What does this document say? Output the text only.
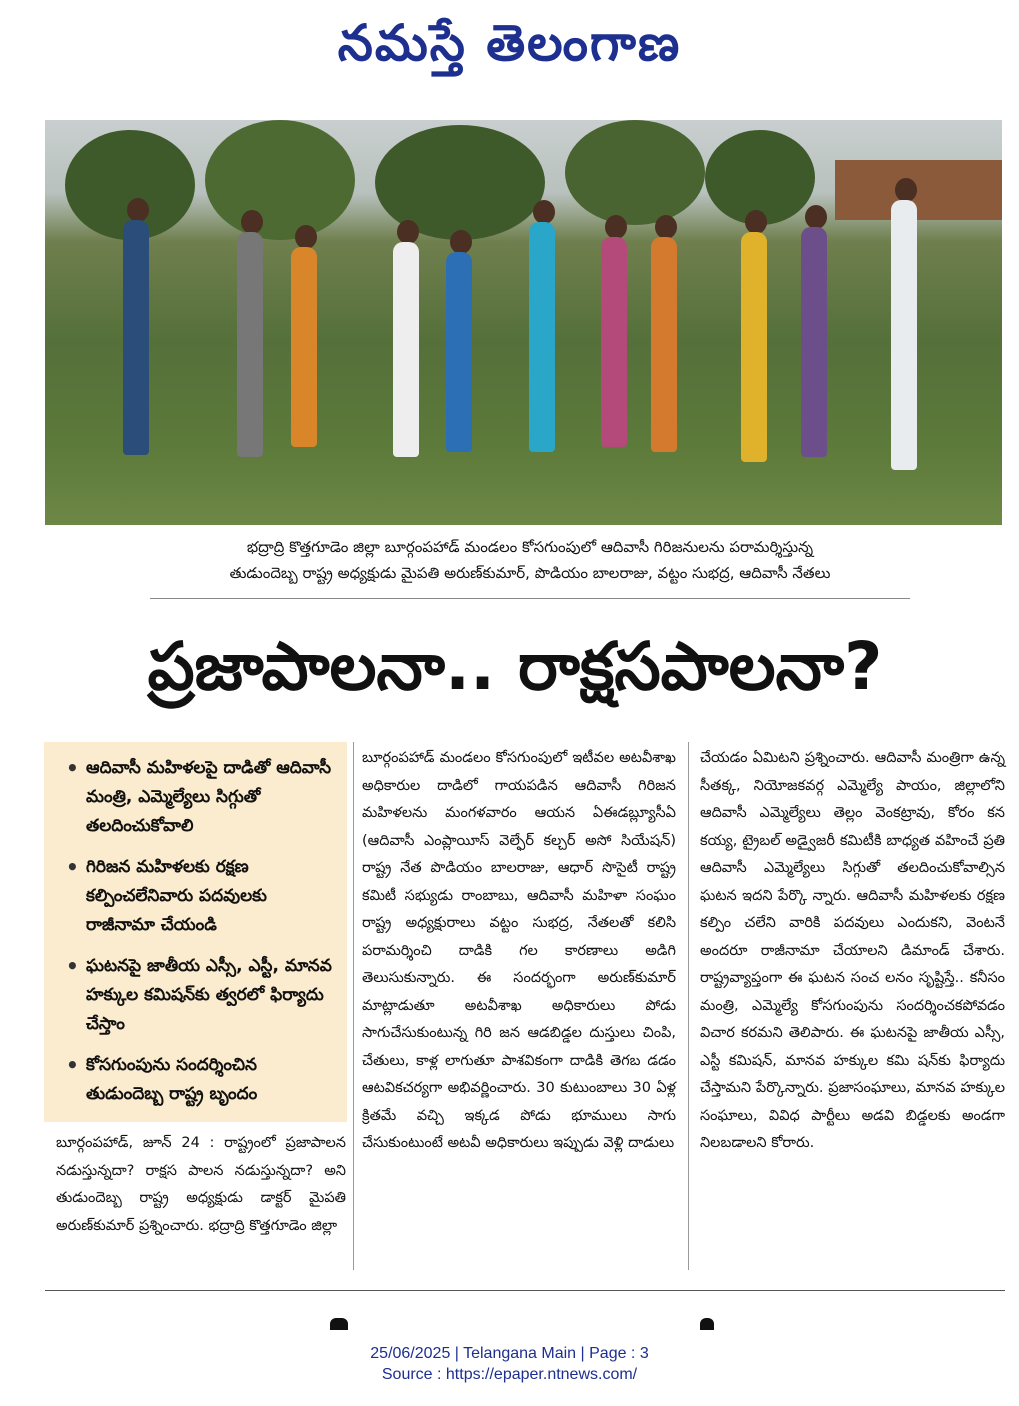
నమస్తే తెలంగాణ
భద్రాద్రి కొత్తగూడెం జిల్లా బూర్గంపహాడ్ మండలం కోసగుంపులో ఆదివాసీ గిరిజనులను పరామర్శిస్తున్న
తుడుందెబ్బ రాష్ట్ర అధ్యక్షుడు మైపతి అరుణ్‌కుమార్, పొడియం బాలరాజు, వట్టం సుభద్ర, ఆదివాసీ నేతలు
ప్రజాపాలనా.. రాక్షసపాలనా?
• ఆదివాసీ మహిళలపై దాడితో ఆదివాసీ మంత్రి, ఎమ్మెల్యేలు సిగ్గుతో తలదించుకోవాలి
• గిరిజన మహిళలకు రక్షణ కల్పించలేనివారు పదవులకు రాజీనామా చేయండి
• ఘటనపై జాతీయ ఎస్సీ, ఎస్టీ, మానవ హక్కుల కమిషన్‌కు త్వరలో ఫిర్యాదు చేస్తాం
• కోసగుంపును సందర్శించిన తుడుందెబ్బ రాష్ట్ర బృందం
బూర్గంపహాడ్, జూన్ 24 : రాష్ట్రంలో ప్రజాపాలన నడుస్తున్నదా? రాక్షస పాలన నడుస్తున్నదా? అని తుడుందెబ్బ రాష్ట్ర అధ్యక్షుడు డాక్టర్ మైపతి అరుణ్‌కుమార్ ప్రశ్నించారు. భద్రాద్రి కొత్తగూడెం జిల్లా
బూర్గంపహాడ్ మండలం కోసగుంపులో ఇటీవల అటవీశాఖ అధికారుల దాడిలో గాయపడిన ఆదివాసీ గిరిజన మహిళలను మంగళవారం ఆయన ఏఈడబ్ల్యూసీఏ (ఆదివాసీ ఎంప్లాయీస్ వెల్ఫేర్ కల్చర్ అసో సియేషన్) రాష్ట్ర నేత పొడియం బాలరాజు, ఆధార్ సొసైటీ రాష్ట్ర కమిటీ సభ్యుడు రాంబాబు, ఆదివాసీ మహిళా సంఘం రాష్ట్ర అధ్యక్షురాలు వట్టం సుభద్ర, నేతలతో కలిసి పరామర్శించి దాడికి గల కారణాలు అడిగి తెలుసుకున్నారు. ఈ సందర్భంగా అరుణ్‌కుమార్ మాట్లాడుతూ అటవీశాఖ అధికారులు పోడు సాగుచేసుకుంటున్న గిరి జన ఆడబిడ్డల దుస్తులు చింపి, చేతులు, కాళ్ల లాగుతూ పాశవికంగా దాడికి తెగబ డడం ఆటవికచర్యగా అభివర్ణించారు. 30 కుటుంబాలు 30 ఏళ్ల క్రితమే వచ్చి ఇక్కడ పోడు భూములు సాగు చేసుకుంటుంటే అటవీ అధికారులు ఇప్పుడు వెళ్లి దాడులు
చేయడం ఏమిటని ప్రశ్నించారు. ఆదివాసీ మంత్రిగా ఉన్న సీతక్క, నియోజకవర్గ ఎమ్మెల్యే పాయం, జిల్లాలోని ఆదివాసీ ఎమ్మెల్యేలు తెల్లం వెంకట్రావు, కోరం కన కయ్య, ట్రైబల్ అడ్వైజరీ కమిటీకి బాధ్యత వహించే ప్రతి ఆదివాసీ ఎమ్మెల్యేలు సిగ్గుతో తలదించుకోవాల్సిన ఘటన ఇదని పేర్కొ న్నారు. ఆదివాసీ మహిళలకు రక్షణ కల్పిం చలేని వారికి పదవులు ఎందుకని, వెంటనే అందరూ రాజీనామా చేయాలని డిమాండ్ చేశారు. రాష్ట్రవ్యాప్తంగా ఈ ఘటన సంచ లనం సృష్టిస్తే.. కనీసం మంత్రి, ఎమ్మెల్యే కోసగుంపును సందర్శించకపోవడం విచార కరమని తెలిపారు. ఈ ఘటనపై జాతీయ ఎస్సీ, ఎస్టీ కమిషన్, మానవ హక్కుల కమి షన్‌కు ఫిర్యాదు చేస్తామని పేర్కొన్నారు. ప్రజాసంఘాలు, మానవ హక్కుల సంఘాలు, వివిధ పార్టీలు అడవి బిడ్డలకు అండగా నిలబడాలని కోరారు.
25/06/2025 | Telangana Main | Page : 3
Source : https://epaper.ntnews.com/
